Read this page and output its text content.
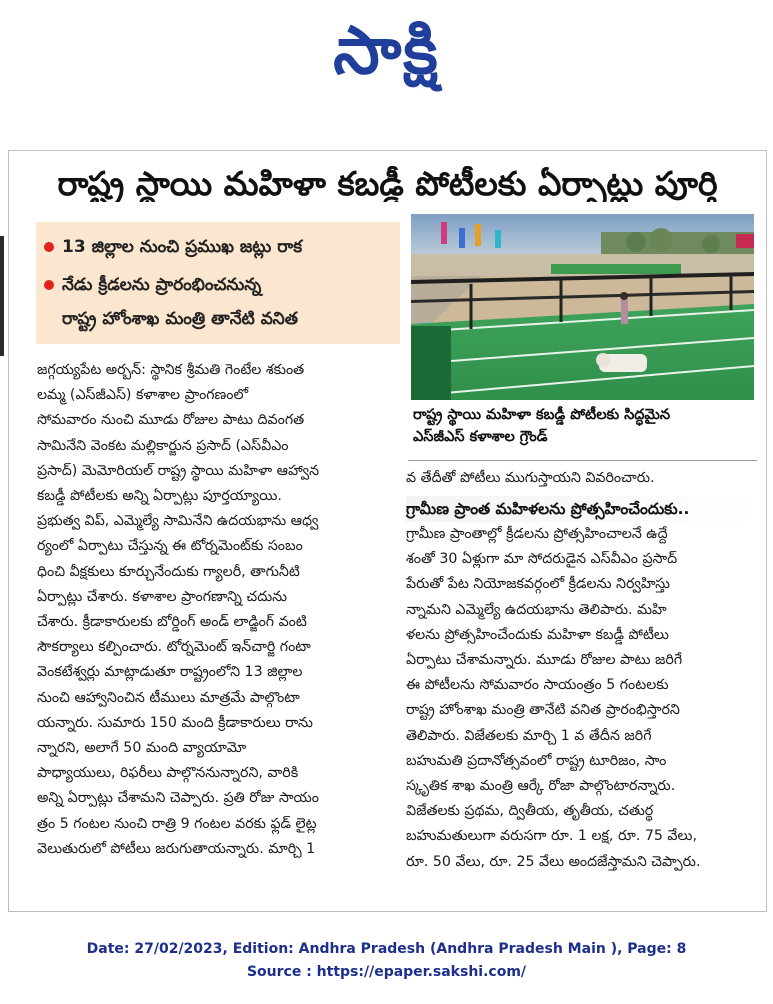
సాక్షి
రాష్ట్ర స్థాయి మహిళా కబడ్డీ పోటీలకు ఏర్పాట్లు పూర్తి
13 జిల్లాల నుంచి ప్రముఖ జట్లు రాక
నేడు క్రీడలను ప్రారంభించనున్న
రాష్ట్ర హోంశాఖ మంత్రి తానేటి వనిత
రాష్ట్ర స్థాయి మహిళా కబడ్డీ పోటీలకు సిద్ధమైన
ఎస్‌జీఎస్ కళాశాల గ్రౌండ్
జగ్గయ్యపేట అర్బన్‌: స్థానిక శ్రీమతి గెంటేల శకుంత
లమ్మ (ఎస్‌జీఎస్‌) కళాశాల ప్రాంగణంలో
సోమవారం నుంచి మూడు రోజుల పాటు దివంగత
సామినేని వెంకట మల్లికార్జున ప్రసాద్‌ (ఎస్‌వీఎం
ప్రసాద్‌) మెమోరియల్‌ రాష్ట్ర స్థాయి మహిళా ఆహ్వాన
కబడ్డీ పోటీలకు అన్ని ఏర్పాట్లు పూర్తయ్యాయి.
ప్రభుత్వ విప్‌, ఎమ్మెల్యే సామినేని ఉదయభాను ఆధ్వ
ర్యంలో ఏర్పాటు చేస్తున్న ఈ టోర్నమెంట్‌కు సంబం
ధించి వీక్షకులు కూర్చునేందుకు గ్యాలరీ, తాగునీటి
ఏర్పాట్లు చేశారు. కళాశాల ప్రాంగణాన్ని చదును
చేశారు. క్రీడాకారులకు బోర్డింగ్‌ అండ్‌ లాడ్జింగ్‌ వంటి
సౌకర్యాలు కల్పించారు. టోర్నమెంట్‌ ఇన్‌చార్జి గంటా
వెంకటేశ్వర్లు మాట్లాడుతూ రాష్ట్రంలోని 13 జిల్లాల
నుంచి ఆహ్వానించిన టీములు మాత్రమే పాల్గొంటా
యన్నారు. సుమారు 150 మంది క్రీడాకారులు రాను
న్నారని, అలాగే 50 మంది వ్యాయామో
పాధ్యాయులు, రిఫరీలు పాల్గొననున్నారని, వారికి
అన్ని ఏర్పాట్లు చేశామని చెప్పారు. ప్రతి రోజు సాయం
త్రం 5 గంటల నుంచి రాత్రి 9 గంటల వరకు ఫ్లడ్‌ లైట్ల
వెలుతురులో పోటీలు జరుగుతాయన్నారు. మార్చి 1
వ తేదీతో పోటీలు ముగుస్తాయని వివరించారు.
గ్రామీణ ప్రాంత మహిళలను ప్రోత్సహించేందుకు..
గ్రామీణ ప్రాంతాల్లో క్రీడలను ప్రోత్సహించాలనే ఉద్దే
శంతో 30 ఏళ్లుగా మా సోదరుడైన ఎస్‌వీఎం ప్రసాద్‌
పేరుతో పేట నియోజకవర్గంలో క్రీడలను నిర్వహిస్తు
న్నామని ఎమ్మెల్యే ఉదయభాను తెలిపారు. మహి
ళలను ప్రోత్సహించేందుకు మహిళా కబడ్డీ పోటీలు
ఏర్పాటు చేశామన్నారు. మూడు రోజుల పాటు జరిగే
ఈ పోటీలను సోమవారం సాయంత్రం 5 గంటలకు
రాష్ట్ర హోంశాఖ మంత్రి తానేటి వనిత ప్రారంభిస్తారని
తెలిపారు. విజేతలకు మార్చి 1 వ తేదీన జరిగే
బహుమతి ప్రదానోత్సవంలో రాష్ట్ర టూరిజం, సాం
స్కృతిక శాఖ మంత్రి ఆర్కే రోజా పాల్గొంటారన్నారు.
విజేతలకు ప్రథమ, ద్వితీయ, తృతీయ, చతుర్థ
బహుమతులుగా వరుసగా రూ. 1 లక్ష, రూ. 75 వేలు,
రూ. 50 వేలు, రూ. 25 వేలు అందజేస్తామని చెప్పారు.
Date: 27/02/2023, Edition: Andhra Pradesh (Andhra Pradesh Main ), Page: 8
Source : https://epaper.sakshi.com/
